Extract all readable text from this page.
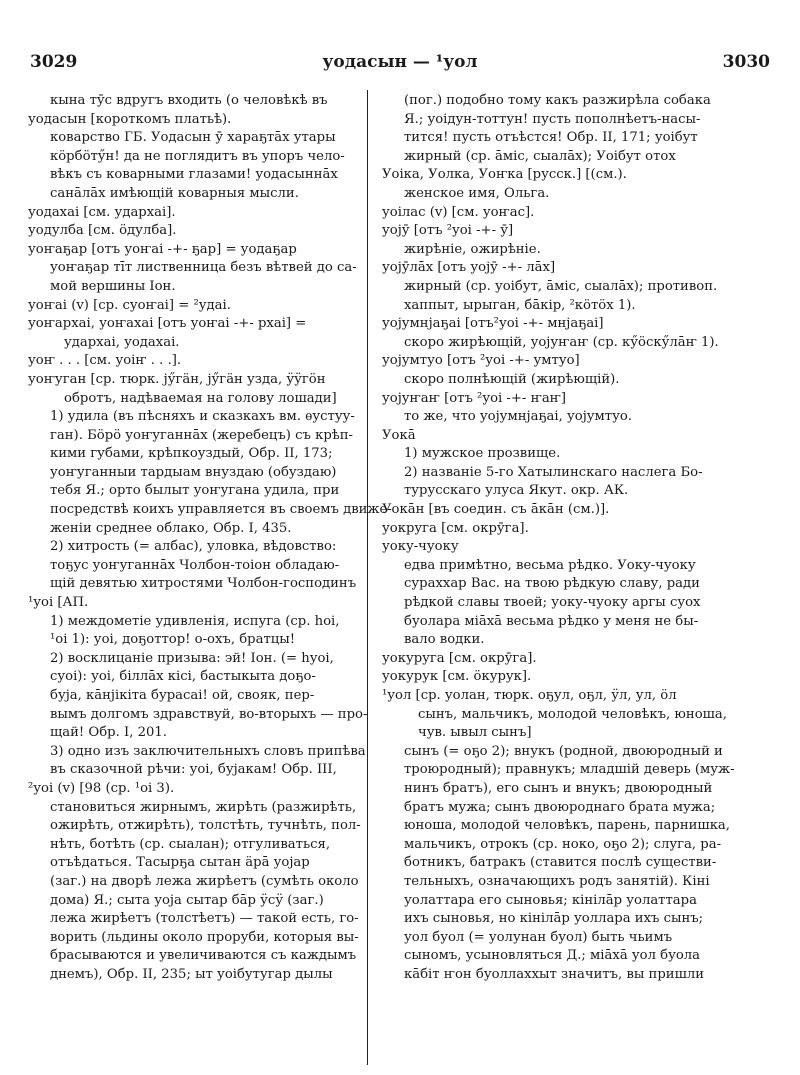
3029	уодасын — ¹уол	3030
кына тӯс вдругъ входить (о человѣкѣ въ
уодасын [короткомъ платьѣ).
коварство ГБ. Уодасын ӯ хараҕтāх утары
кӧрбӧтӳн! да не поглядитъ въ упоръ чело-
вѣкъ съ коварными глазами! уодасыннāх
санāлāх имѣющій коварныя мысли.
уодахаі [см. удархаі].
уодулба [см. ӧдулба].
уоҥаҕар [отъ уоҥаі -+- ҕар] = уодаҕар
уоҥаҕар тīт лиственница безъ вѣтвей до са-
мой вершины Іон.
уоҥаі (v) [ср. суоҥаі] = ²удаі.
уоҥархаі, уоҥахаі [отъ уоҥаі -+- рхаі] =
удархаі, уодахаі.
уоҥ . . . [см. уоіҥ . . .].
уоҥуган [ср. тюрк. јӳгӓн, јӳгӓн узда, ӱӱгӧн
обротъ, надѣваемая на голову лошади]
1) удила (въ пѣсняхъ и сказкахъ вм. ѳустуу-
ган). Бӧрӧ уоҥуганнāх (жеребецъ) съ крѣп-
кими губами, крѣпкоуздый, Обр. II, 173;
уоҥуганныи тардыам внуздаю (обуздаю)
тебя Я.; орто былыт уоҥугана удила, при
посредствѣ коихъ управляется въ своемъ движе-
женіи среднее облако, Обр. I, 435.
2) хитрость (= албас), уловка, вѣдовство:
тоҕус уоҥуганнāх Чолбон-тоіон обладаю-
щій девятью хитростями Чолбон-господинъ
¹уоі [АП.
1) междометіе удивленія, испуга (ср. һоі,
¹оі 1): уоі, доҕоттор! о-охъ, братцы!
2) восклицаніе призыва: эй! Іон. (= һуоі,
суоі): уоі, біллāх кісі, бастыкыта доҕо-
буја, кāнјікіта бурасаі! ой, свояк, пер-
вымъ долгомъ здравствуй, во-вторыхъ — про-
щай! Обр. I, 201.
3) одно изъ заключительныхъ словъ припѣва
въ сказочной рѣчи: уоі, бујакам! Обр. III,
²уоі (v) [98 (ср. ¹оі 3).
становиться жирнымъ, жирѣть (разжирѣть,
ожирѣть, отжирѣть), толстѣть, тучнѣть, пол-
нѣть, ботѣть (ср. сыалан); отгуливаться,
отъѣдаться. Тасырҕа сытан ӓрā уојар
(заг.) на дворѣ лежа жирѣетъ (сумѣть около
дома) Я.; сыта уоја сытар бāр ӱсӱ (заг.)
лежа жирѣетъ (толстѣетъ) — такой есть, го-
ворить (льдины около проруби, которыя вы-
брасываются и увеличиваются съ каждымъ
днемъ), Обр. II, 235; ыт уоібутугар дылы
(пог.) подобно тому какъ разжирѣла собака
Я.; уоідун-тоттун! пусть пополнѣетъ-насы-
тится! пусть отъѣстся! Обр. II, 171; уоібут
жирный (ср. āміс, сыалāх); Уоібут отох
Уоіка, Уолка, Уоҥка [русск.] [(см.).
женское имя, Ольга.
уоілас (v) [см. уоҥас].
уојӯ [отъ ²уоі -+- ӯ]
жирѣніе, ожирѣніе.
уојӯлāх [отъ уојӯ -+- лāх]
жирный (ср. уоібут, āміс, сыалāх); противоп.
хаппыт, ырыган, бāкір, ²кӧтӧх 1).
уојумнјаҕаі [отъ²уоі -+- мнјаҕаі]
скоро жирѣющій, уојуҥаҥ (ср. кӳӧскӳлāҥ 1).
уојумтуо [отъ ²уоі -+- умтуо]
скоро полнѣющій (жирѣющій).
уојуҥаҥ [отъ ²уоі -+- ҥаҥ]
то же, что уојумнјаҕаі, уојумтуо.
Уокā
1) мужское прозвище.
2) названіе 5-го Хатылинскаго наслега Бо-
турусскаго улуса Якут. окр. АК.
Уокāн [въ соедин. съ āкāн (см.)].
уокруга [см. окрӯга].
уоку-чуоку
едва примѣтно, весьма рѣдко. Уоку-чуоку
сураххар Вас. на твою рѣдкую славу, ради
рѣдкой славы твоей; уоку-чуоку аргы суох
буолара міāхā весьма рѣдко у меня не бы-
вало водки.
уокуруга [см. окрӯга].
уокурук [см. ӧкурук].
¹уол [ср. уолан, тюрк. оҕул, оҕл, ӱл, ул, ӧл
сынъ, мальчикъ, молодой человѣкъ, юноша,
чув. ывыл сынъ]
сынъ (= оҕо 2); внукъ (родной, двоюродный и
троюродный); правнукъ; младшій деверь (муж-
нинъ братъ), его сынъ и внукъ; двоюродный
братъ мужа; сынъ двоюроднаго брата мужа;
юноша, молодой человѣкъ, парень, парнишка,
мальчикъ, отрокъ (ср. ноко, оҕо 2); слуга, ра-
ботникъ, батракъ (ставится послѣ существи-
тельныхъ, означающихъ родъ занятій). Кіні
уолаттара его сыновья; кінілāр уолаттара
ихъ сыновья, но кінілāр уоллара ихъ сынъ;
уол буол (= уолунан буол) быть чьимъ
сыномъ, усыновляться Д.; міāхā уол буола
кāбіт ҥон буоллаххыт значитъ, вы пришли
